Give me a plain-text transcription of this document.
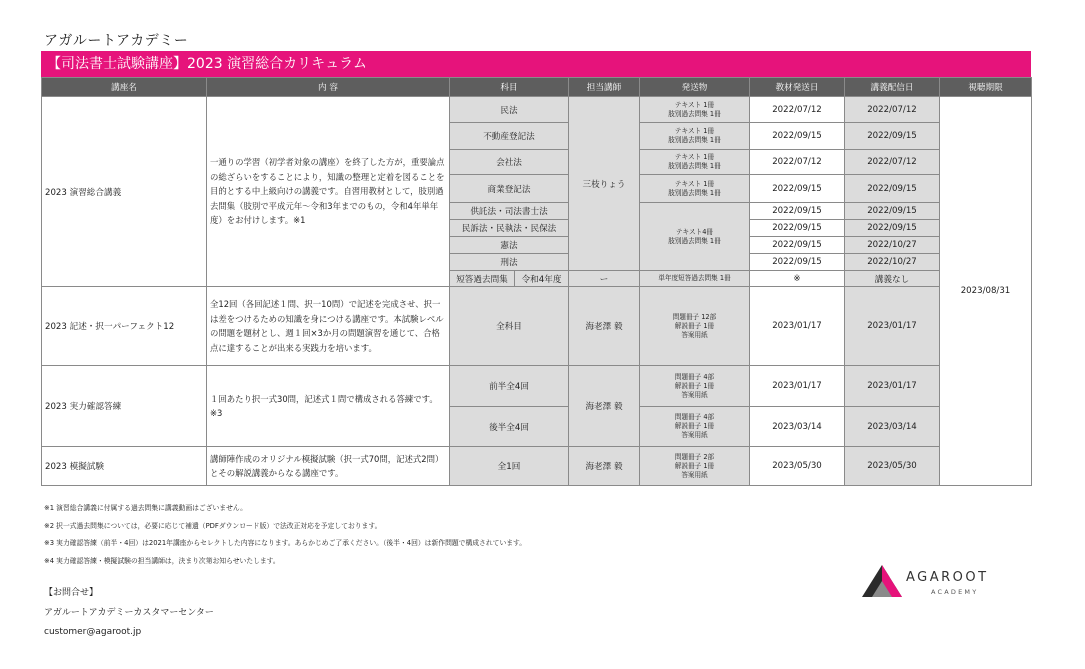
アガルートアカデミー
【司法書士試験講座】2023 演習総合カリキュラム
講座名	内 容	科目		担当講師	発送物	教材発送日	講義配信日	視聴期限
2023 演習総合講義	一通りの学習（初学者対象の講座）を終了した方が，重要論点の総ざらいをすることにより，知識の整理と定着を図ることを目的とする中上級向けの講義です。自習用教材として，肢別過去問集（肢別で平成元年～令和3年までのもの，令和4年単年度）をお付けします。※1	民法		三枝りょう	テキスト 1冊
肢別過去問集 1冊	2022/07/12	2022/07/12	2023/08/31
		不動産登記法			テキスト 1冊
肢別過去問集 1冊	2022/09/15	2022/09/15	
		会社法			テキスト 1冊
肢別過去問集 1冊	2022/07/12	2022/07/12	
		商業登記法			テキスト 1冊
肢別過去問集 1冊	2022/09/15	2022/09/15	
		供託法・司法書士法			テキスト4冊
肢別過去問集 1冊	2022/09/15	2022/09/15	
		民訴法・民執法・民保法				2022/09/15	2022/09/15	
		憲法				2022/09/15	2022/10/27	
		刑法				2022/09/15	2022/10/27	
		短答過去問集	令和4年度	ー	単年度短答過去問集 1冊	※	講義なし	
2023 記述・択一パーフェクト12	全12回（各回記述１問、択一10問）で記述を完成させ、択一は差をつけるための知識を身につける講座です。本試験レベルの問題を題材とし、週１回×3か月の問題演習を通じて、合格点に達することが出来る実践力を培います。	全科目		海老澤 毅	問題冊子 12部
解説冊子 1冊
答案用紙	2023/01/17	2023/01/17	
2023 実力確認答練	１回あたり択一式30問，記述式１問で構成される答練です。※3	前半全4回		海老澤 毅	問題冊子 4部
解説冊子 1冊
答案用紙	2023/01/17	2023/01/17	
		後半全4回			問題冊子 4部
解説冊子 1冊
答案用紙	2023/03/14	2023/03/14	
2023 模擬試験	講師陣作成のオリジナル模擬試験（択一式70問，記述式2問）とその解説講義からなる講座です。	全1回		海老澤 毅	問題冊子 2部
解説冊子 1冊
答案用紙	2023/05/30	2023/05/30	
※1 演習総合講義に付属する過去問集に講義動画はございません。
※2 択一式過去問集については，必要に応じて補遺（PDFダウンロード版）で法改正対応を予定しております。
※3 実力確認答練（前半・4回）は2021年講座からセレクトした内容になります。あらかじめご了承ください。（後半・4回）は新作問題で構成されています。
※4 実力確認答練・模擬試験の担当講師は，決まり次第お知らせいたします。
【お問合せ】
アガルートアカデミーカスタマーセンター
customer@agaroot.jp
AGAROOT
ACADEMY
